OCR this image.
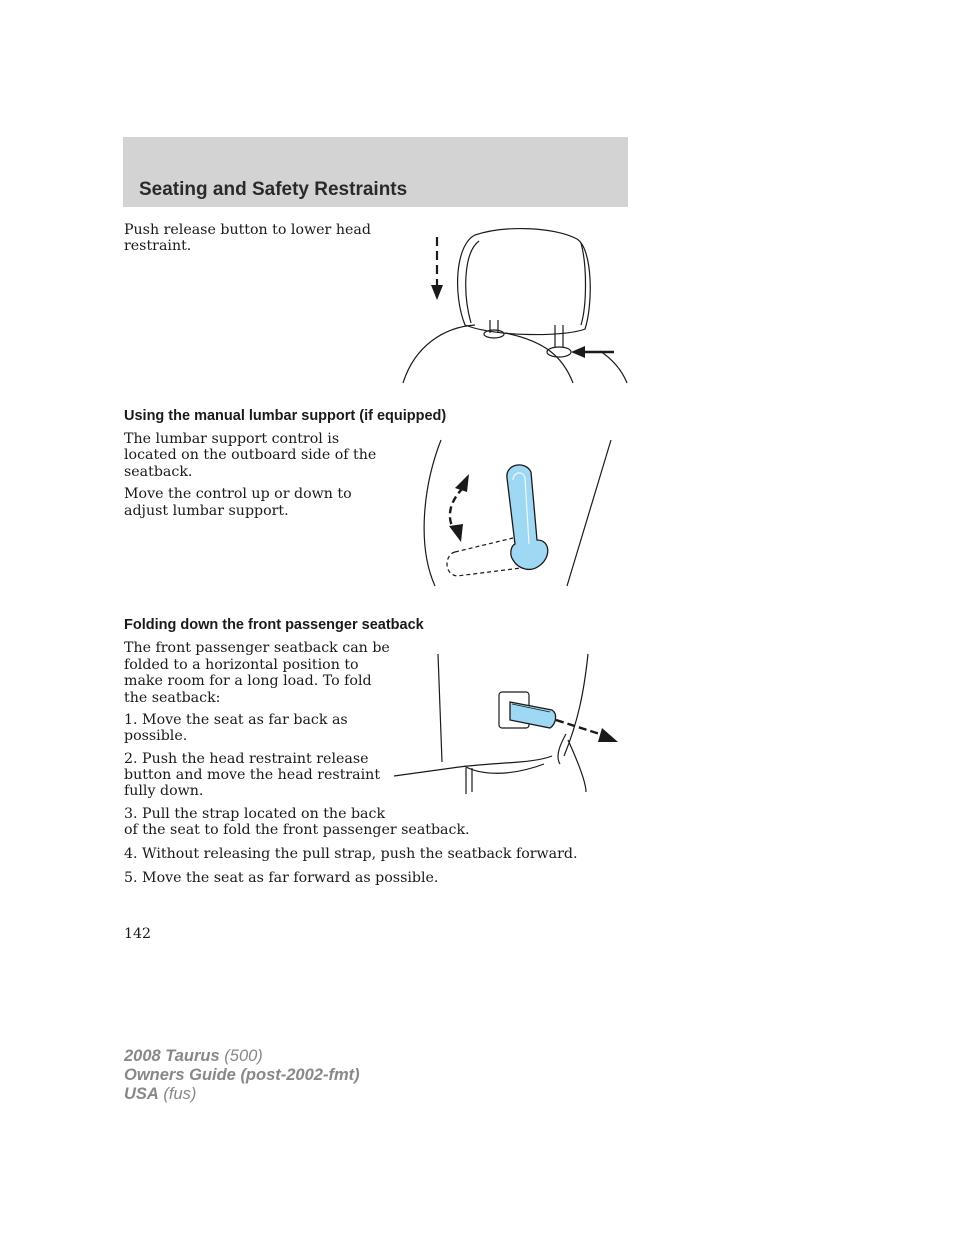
Seating and Safety Restraints

Push release button to lower head

restraint.

Using the manual lumbar support (if equipped)

The lumbar support control is

located on the outboard side of the

seatback.

Move the control up or down to

adjust lumbar support.

Folding down the front passenger seatback

The front passenger seatback can be

folded to a horizontal position to

make room for a long load. To fold

the seatback:

1. Move the seat as far back as

possible.

2. Push the head restraint release

button and move the head restraint

fully down.

3. Pull the strap located on the back

of the seat to fold the front passenger seatback.

4. Without releasing the pull strap, push the seatback forward.

5. Move the seat as far forward as possible.

142

2008 Taurus (500)
Owners Guide (post-2002-fmt)
USA (fus)
